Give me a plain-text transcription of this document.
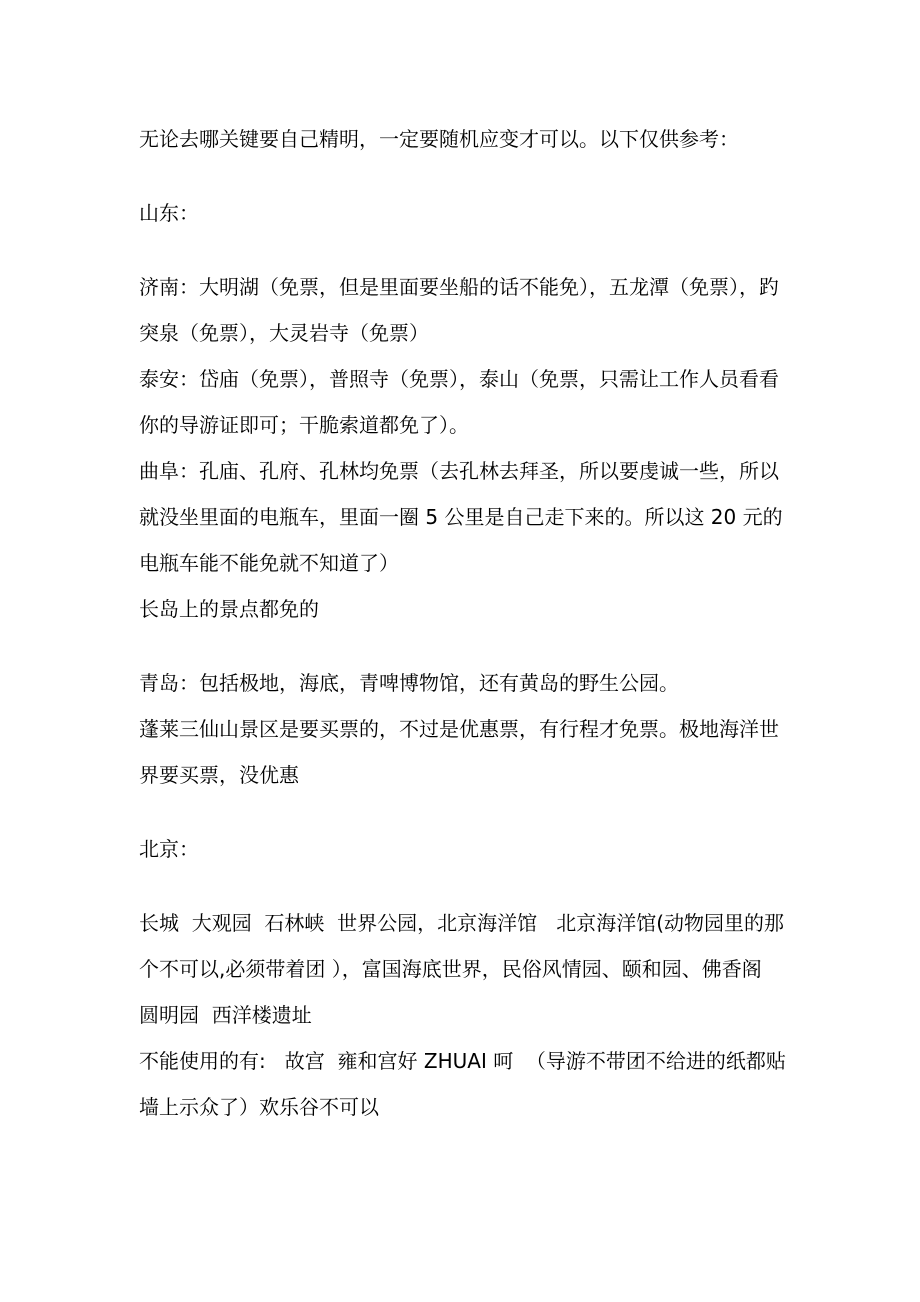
无论去哪关键要自己精明，一定要随机应变才可以。以下仅供参考：

山东：

济南：大明湖（免票，但是里面要坐船的话不能免），五龙潭（免票），趵突泉（免票），大灵岩寺（免票）

泰安：岱庙（免票），普照寺（免票），泰山（免票，只需让工作人员看看你的导游证即可；干脆索道都免了）。

曲阜：孔庙、孔府、孔林均免票（去孔林去拜圣，所以要虔诚一些，所以就没坐里面的电瓶车，里面一圈 5 公里是自己走下来的。所以这 20 元的电瓶车能不能免就不知道了）

长岛上的景点都免的

青岛：包括极地，海底，青啤博物馆，还有黄岛的野生公园。

蓬莱三仙山景区是要买票的，不过是优惠票，有行程才免票。极地海洋世界要买票，没优惠

北京：

长城  大观园  石林峡  世界公园，北京海洋馆   北京海洋馆(动物园里的那个不可以,必须带着团 ），富国海底世界，民俗风情园、颐和园、佛香阁  圆明园  西洋楼遗址

不能使用的有:   故宫  雍和宫好 ZHUAI 呵  （导游不带团不给进的纸都贴墙上示众了）欢乐谷不可以
